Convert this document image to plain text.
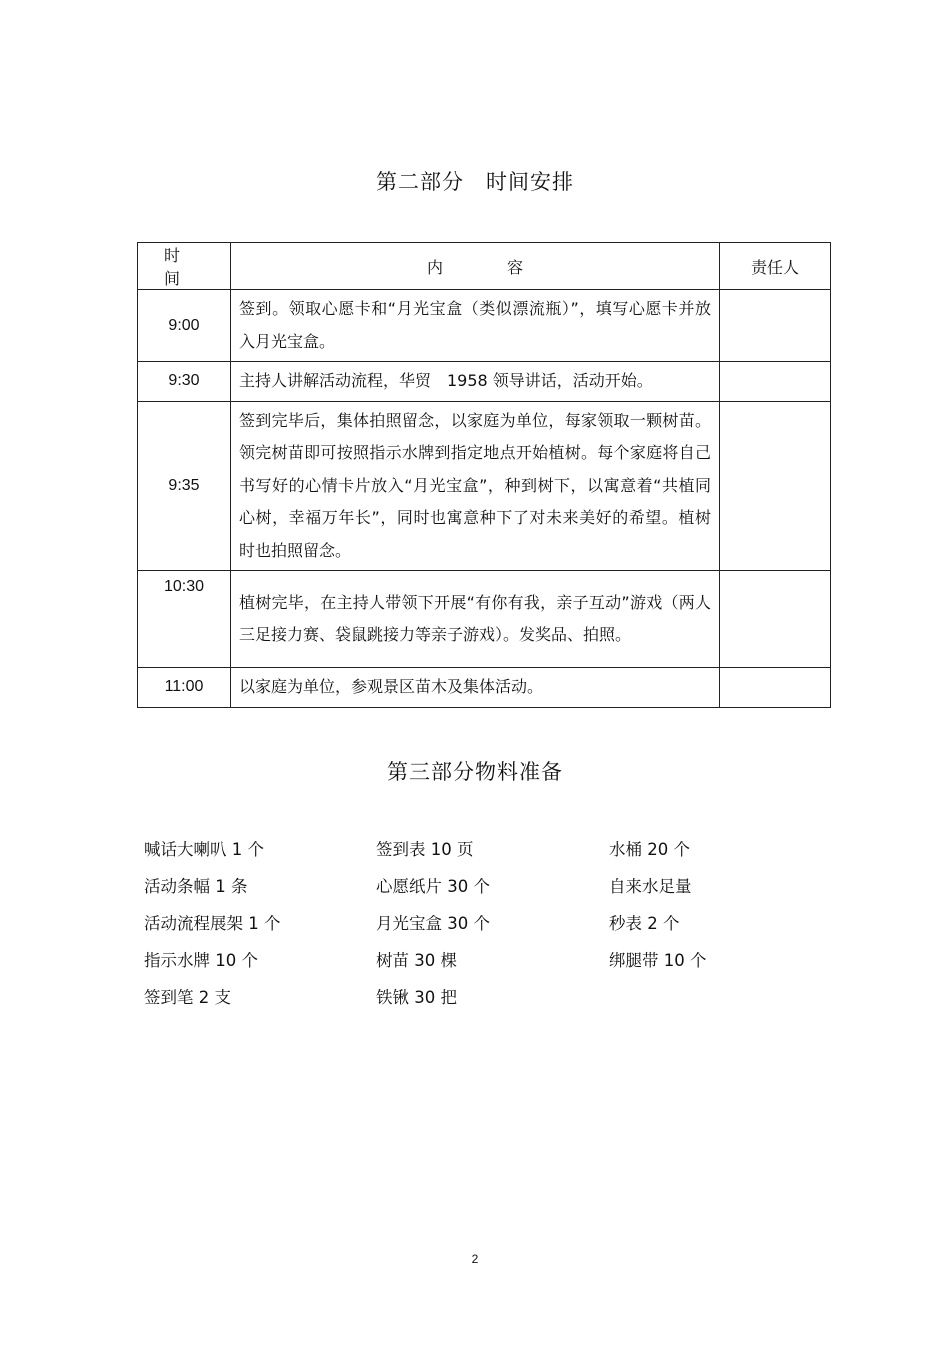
第二部分　时间安排
时　间	内　容	责任人
9:00	签到。领取心愿卡和“月光宝盒（类似漂流瓶）”，填写心愿卡并放入月光宝盒。	
9:30	主持人讲解活动流程，华贸　1958 领导讲话，活动开始。	
9:35	签到完毕后，集体拍照留念，以家庭为单位，每家领取一颗树苗。领完树苗即可按照指示水牌到指定地点开始植树。每个家庭将自己书写好的心情卡片放入“月光宝盒”，种到树下，以寓意着“共植同心树，幸福万年长”，同时也寓意种下了对未来美好的希望。植树时也拍照留念。	
10:30	植树完毕，在主持人带领下开展“有你有我，亲子互动”游戏（两人三足接力赛、袋鼠跳接力等亲子游戏）。发奖品、拍照。	
11:00	以家庭为单位，参观景区苗木及集体活动。	
第三部分物料准备
喊话大喇叭 1 个	签到表 10 页	水桶 20 个
活动条幅 1 条	心愿纸片 30 个	自来水足量
活动流程展架 1 个	月光宝盒 30 个	秒表 2 个
指示水牌 10 个	树苗 30 棵	绑腿带 10 个
签到笔 2 支	铁锹 30 把
2
